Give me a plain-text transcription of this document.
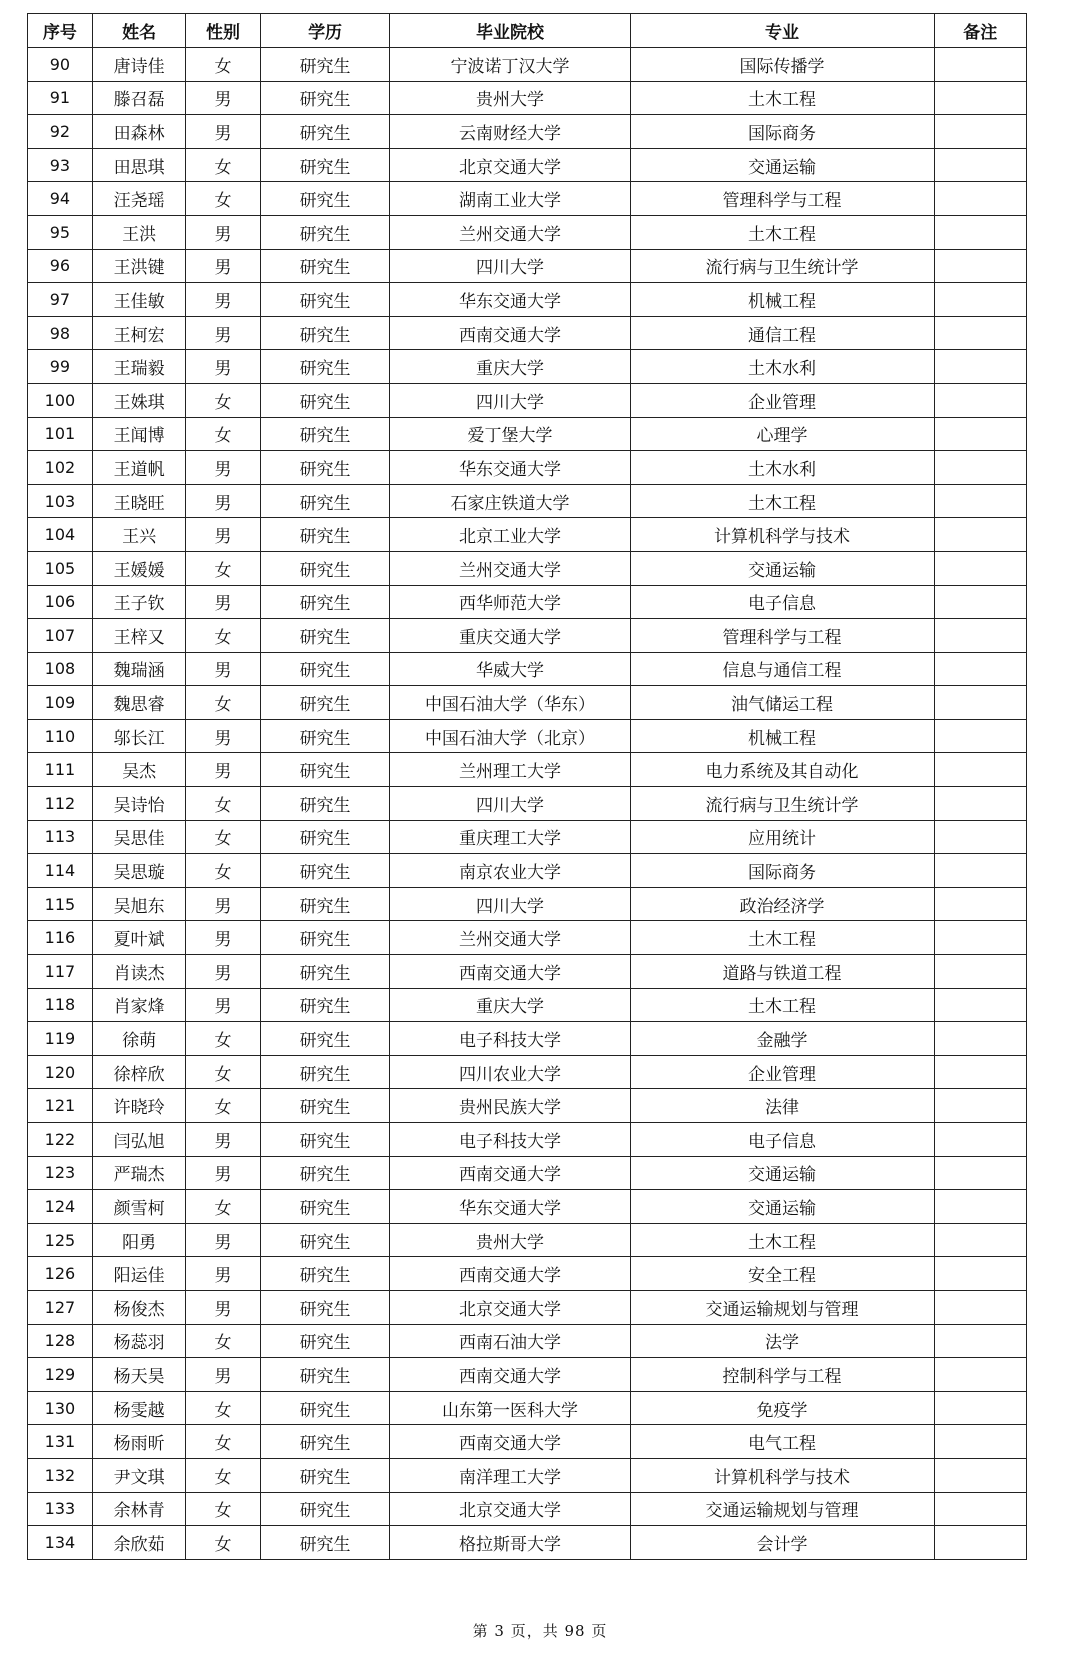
序号	姓名	性别	学历	毕业院校	专业	备注
90	唐诗佳	女	研究生	宁波诺丁汉大学	国际传播学	
91	滕召磊	男	研究生	贵州大学	土木工程	
92	田森林	男	研究生	云南财经大学	国际商务	
93	田思琪	女	研究生	北京交通大学	交通运输	
94	汪尧瑶	女	研究生	湖南工业大学	管理科学与工程	
95	王洪	男	研究生	兰州交通大学	土木工程	
96	王洪键	男	研究生	四川大学	流行病与卫生统计学	
97	王佳敏	男	研究生	华东交通大学	机械工程	
98	王柯宏	男	研究生	西南交通大学	通信工程	
99	王瑞毅	男	研究生	重庆大学	土木水利	
100	王姝琪	女	研究生	四川大学	企业管理	
101	王闻博	女	研究生	爱丁堡大学	心理学	
102	王道帆	男	研究生	华东交通大学	土木水利	
103	王晓旺	男	研究生	石家庄铁道大学	土木工程	
104	王兴	男	研究生	北京工业大学	计算机科学与技术	
105	王媛媛	女	研究生	兰州交通大学	交通运输	
106	王子钦	男	研究生	西华师范大学	电子信息	
107	王梓又	女	研究生	重庆交通大学	管理科学与工程	
108	魏瑞涵	男	研究生	华威大学	信息与通信工程	
109	魏思睿	女	研究生	中国石油大学（华东）	油气储运工程	
110	邬长江	男	研究生	中国石油大学（北京）	机械工程	
111	吴杰	男	研究生	兰州理工大学	电力系统及其自动化	
112	吴诗怡	女	研究生	四川大学	流行病与卫生统计学	
113	吴思佳	女	研究生	重庆理工大学	应用统计	
114	吴思璇	女	研究生	南京农业大学	国际商务	
115	吴旭东	男	研究生	四川大学	政治经济学	
116	夏叶斌	男	研究生	兰州交通大学	土木工程	
117	肖读杰	男	研究生	西南交通大学	道路与铁道工程	
118	肖家烽	男	研究生	重庆大学	土木工程	
119	徐萌	女	研究生	电子科技大学	金融学	
120	徐梓欣	女	研究生	四川农业大学	企业管理	
121	许晓玲	女	研究生	贵州民族大学	法律	
122	闫弘旭	男	研究生	电子科技大学	电子信息	
123	严瑞杰	男	研究生	西南交通大学	交通运输	
124	颜雪柯	女	研究生	华东交通大学	交通运输	
125	阳勇	男	研究生	贵州大学	土木工程	
126	阳运佳	男	研究生	西南交通大学	安全工程	
127	杨俊杰	男	研究生	北京交通大学	交通运输规划与管理	
128	杨蕊羽	女	研究生	西南石油大学	法学	
129	杨天昊	男	研究生	西南交通大学	控制科学与工程	
130	杨雯越	女	研究生	山东第一医科大学	免疫学	
131	杨雨昕	女	研究生	西南交通大学	电气工程	
132	尹文琪	女	研究生	南洋理工大学	计算机科学与技术	
133	余林青	女	研究生	北京交通大学	交通运输规划与管理	
134	余欣茹	女	研究生	格拉斯哥大学	会计学	
第 3 页，共 98 页
